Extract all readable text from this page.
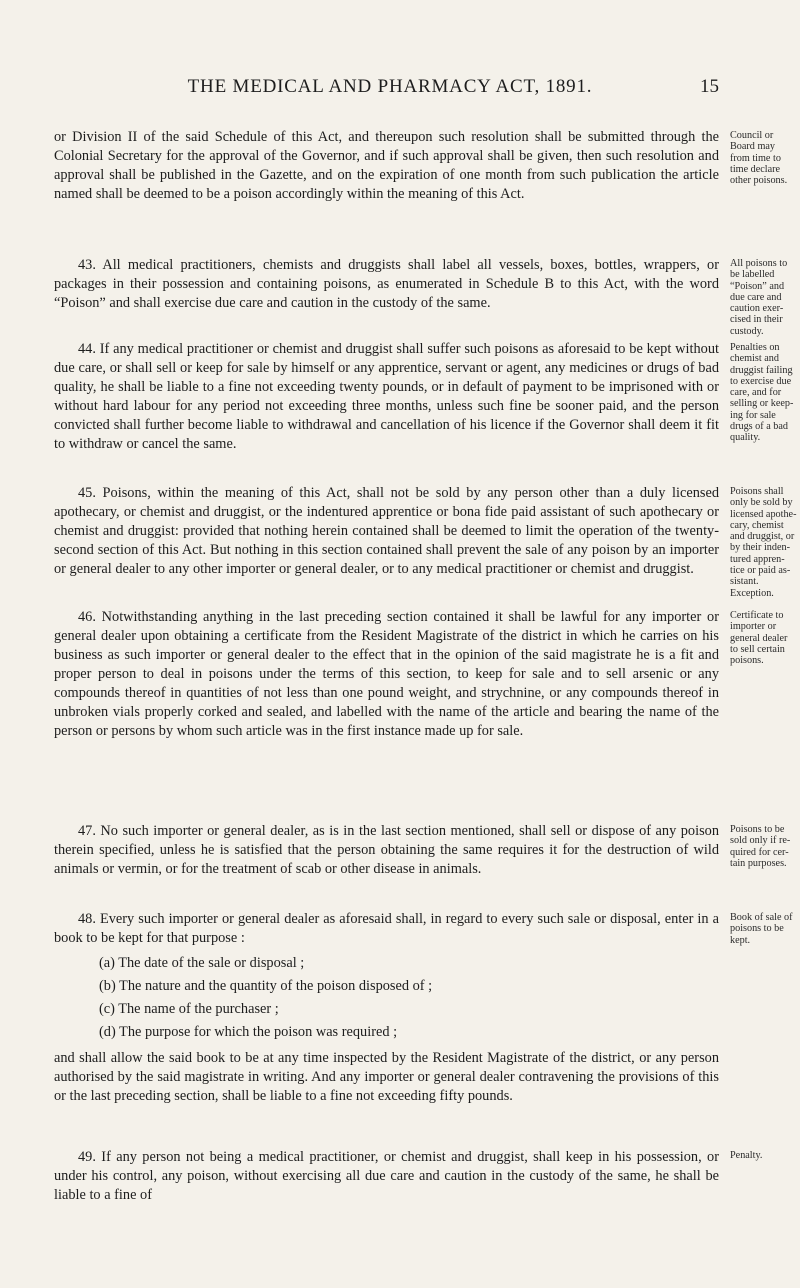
THE MEDICAL AND PHARMACY ACT, 1891.	15

or Division II of the said Schedule of this Act, and thereupon such resolution shall be submitted through the Colonial Secretary for the approval of the Governor, and if such approval shall be given, then such resolution and approval shall be published in the Gazette, and on the expiration of one month from such publication the article named shall be deemed to be a poison accordingly within the meaning of this Act.

Council or
Board may
from time to
time declare
other poisons.

43. All medical practitioners, chemists and druggists shall label all vessels, boxes, bottles, wrappers, or packages in their possession and containing poisons, as enumerated in Schedule B to this Act, with the word “Poison” and shall exercise due care and caution in the custody of the same.

All poisons to
be labelled
“Poison” and
due care and
caution exer-
cised in their
custody.

44. If any medical practitioner or chemist and druggist shall suffer such poisons as aforesaid to be kept without due care, or shall sell or keep for sale by himself or any apprentice, servant or agent, any medicines or drugs of bad quality, he shall be liable to a fine not exceeding twenty pounds, or in default of payment to be imprisoned with or without hard labour for any period not exceeding three months, unless such fine be sooner paid, and the person convicted shall further become liable to withdrawal and cancellation of his licence if the Governor shall deem it fit to withdraw or cancel the same.

Penalties on
chemist and
druggist failing
to exercise due
care, and for
selling or keep-
ing for sale
drugs of a bad
quality.

45. Poisons, within the meaning of this Act, shall not be sold by any person other than a duly licensed apothecary, or chemist and druggist, or the indentured apprentice or bona fide paid assistant of such apothecary or chemist and druggist: provided that nothing herein contained shall be deemed to limit the operation of the twenty-second section of this Act. But nothing in this section contained shall prevent the sale of any poison by an importer or general dealer to any other importer or general dealer, or to any medical practitioner or chemist and druggist.

Poisons shall
only be sold by
licensed apothe-
cary, chemist
and druggist, or
by their inden-
tured appren-
tice or paid as-
sistant.
Exception.

46. Notwithstanding anything in the last preceding section contained it shall be lawful for any importer or general dealer upon obtaining a certificate from the Resident Magistrate of the district in which he carries on his business as such importer or general dealer to the effect that in the opinion of the said magistrate he is a fit and proper person to deal in poisons under the terms of this section, to keep for sale and to sell arsenic or any compounds thereof in quantities of not less than one pound weight, and strychnine, or any compounds thereof in unbroken vials properly corked and sealed, and labelled with the name of the article and bearing the name of the person or persons by whom such article was in the first instance made up for sale.

Certificate to
importer or
general dealer
to sell certain
poisons.

47. No such importer or general dealer, as is in the last section mentioned, shall sell or dispose of any poison therein specified, unless he is satisfied that the person obtaining the same requires it for the destruction of wild animals or vermin, or for the treatment of scab or other disease in animals.

Poisons to be
sold only if re-
quired for cer-
tain purposes.

48. Every such importer or general dealer as aforesaid shall, in regard to every such sale or disposal, enter in a book to be kept for that purpose :

(a) The date of the sale or disposal ;
(b) The nature and the quantity of the poison disposed of ;
(c) The name of the purchaser ;
(d) The purpose for which the poison was required ;

and shall allow the said book to be at any time inspected by the Resident Magistrate of the district, or any person authorised by the said magistrate in writing. And any importer or general dealer contravening the provisions of this or the last preceding section, shall be liable to a fine not exceeding fifty pounds.

Book of sale of
poisons to be
kept.

49. If any person not being a medical practitioner, or chemist and druggist, shall keep in his possession, or under his control, any poison, without exercising all due care and caution in the custody of the same, he shall be liable to a fine of

Penalty.
